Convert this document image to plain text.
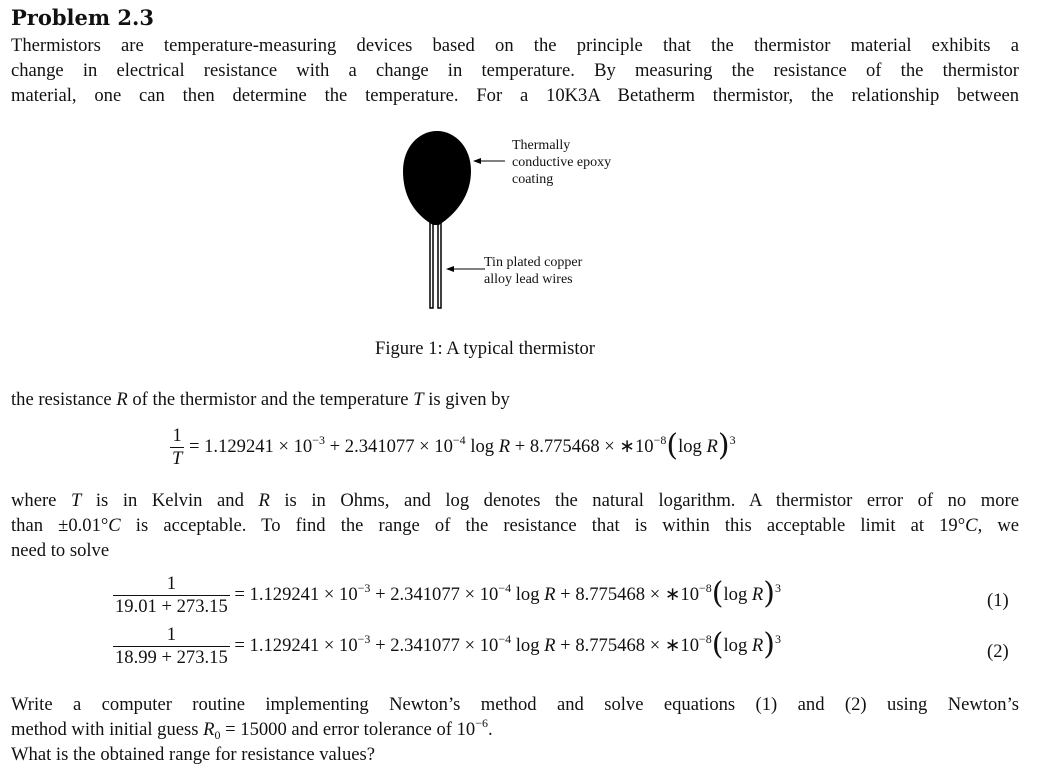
Problem 2.3
Thermistors are temperature-measuring devices based on the principle that the thermistor material exhibits a
change in electrical resistance with a change in temperature. By measuring the resistance of the thermistor
material, one can then determine the temperature. For a 10K3A Betatherm thermistor, the relationship between
Thermally
conductive epoxy
coating
Tin plated copper
alloy lead wires
Figure 1: A typical thermistor
the resistance R of the thermistor and the temperature T is given by
$\frac{1}{T} = 1.129241 \times 10^{-3} + 2.341077 \times 10^{-4}$ $\log R + 8.775468 \times ∗10^{-8}(\log$ R)$^3$
where T is in Kelvin and R is in Ohms, and log denotes the natural logarithm. A thermistor error of no more
than ±0.01°C is acceptable. To find the range of the resistance that is within this acceptable limit at 19°C, we
need to solve
$\frac{1}{19.01 + 273.15} = 1.129241 \times 10^{-3} + 2.341077 \times 10^{-4}$ $\log R + 8.775468 \times ∗10^{-8}(\log$ R)$^3$
(1)
$\frac{1}{18.99 + 273.15} = 1.129241 \times 10^{-3} + 2.341077 \times 10^{-4}$ $\log R + 8.775468 \times ∗10^{-8}(\log$ R)$^3$
(2)
Write a computer routine implementing Newton’s method and solve equations (1) and (2) using Newton’s
method with initial guess $R_0 = 15000$ and error tolerance of $10^{-6}$.
What is the obtained range for resistance values?
